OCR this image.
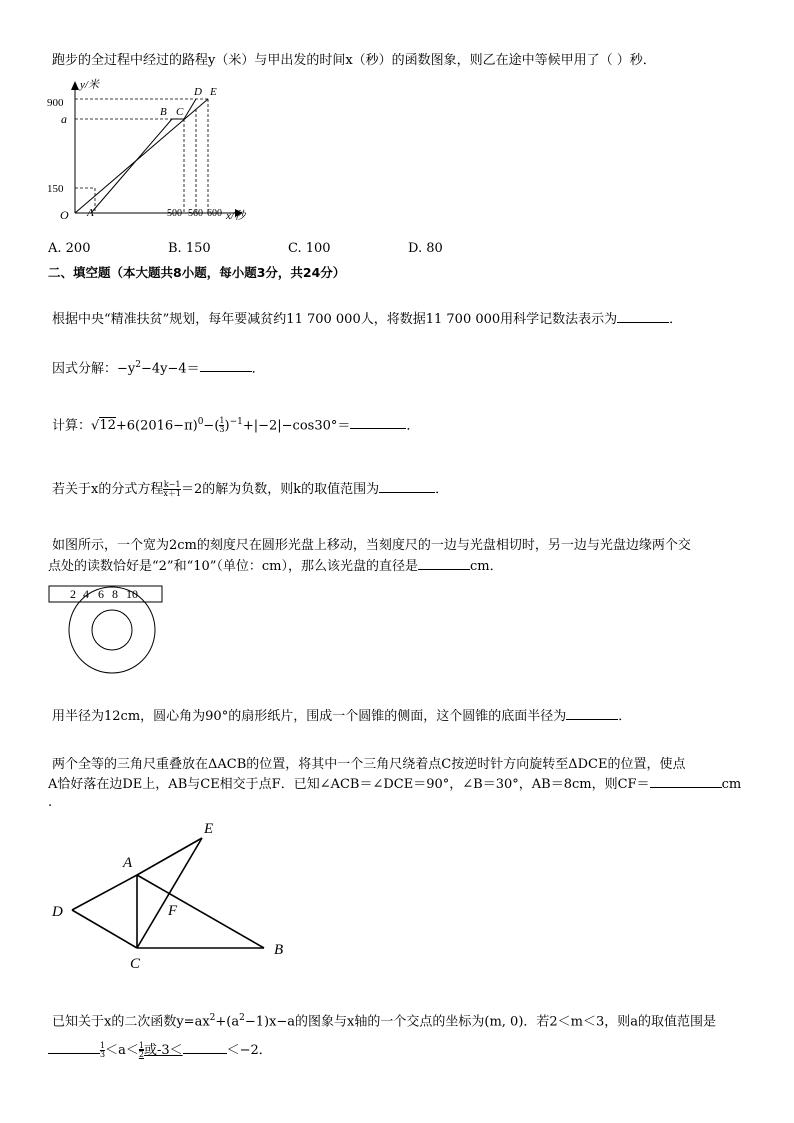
跑步的全过程中经过的路程y（米）与甲出发的时间x（秒）的函数图象，则乙在途中等候甲用了（ ）秒．
y/米
900
a
150
O A
B C
D E
500 560 600 x/秒
A. 200	B. 150	C. 100	D. 80
二、填空题（本大题共8小题，每小题3分，共24分）
根据中央“精准扶贫”规划，每年要减贫约11 700 000人，将数据11 700 000用科学记数法表示为	．
因式分解：$-y^2-4y-4=$	．
计算：$√12+6(2016-\pi)^0-( \frac{1}{3} )^{-1}+|-2|-\cos 30^\circ=$	．
若关于x的分式方程 $\frac{k-1}{x+1} =2$的解为负数，则k的取值范围为	．
如图所示，一个宽为2cm的刻度尺在圆形光盘上移动，当刻度尺的一边与光盘相切时，另一边与光盘边缘两个交
点处的读数恰好是“2”和“10”（单位：cm），那么该光盘的直径是	cm．
2 4 6 8 10
用半径为12cm，圆心角为90°的扇形纸片，围成一个圆锥的侧面，这个圆锥的底面半径为	．
两个全等的三角尺重叠放在ΔACB的位置，将其中一个三角尺绕着点C按逆时针方向旋转至ΔDCE的位置，使点
A恰好落在边DE上，AB与CE相交于点F．已知∠ACB＝∠DCE＝90°，∠B＝30°，AB＝8cm，则CF＝	cm
.
E
A
D	F
C
B
已知关于x的二次函数$y=ax^2+(a^2-1)x-a$的图象与x轴的一个交点的坐标为(m, 0)．若2＜m＜3，则a的取值范围是
$\frac{1}{3} <a< \frac{1}{2}$ 或-3＜	＜−2．
